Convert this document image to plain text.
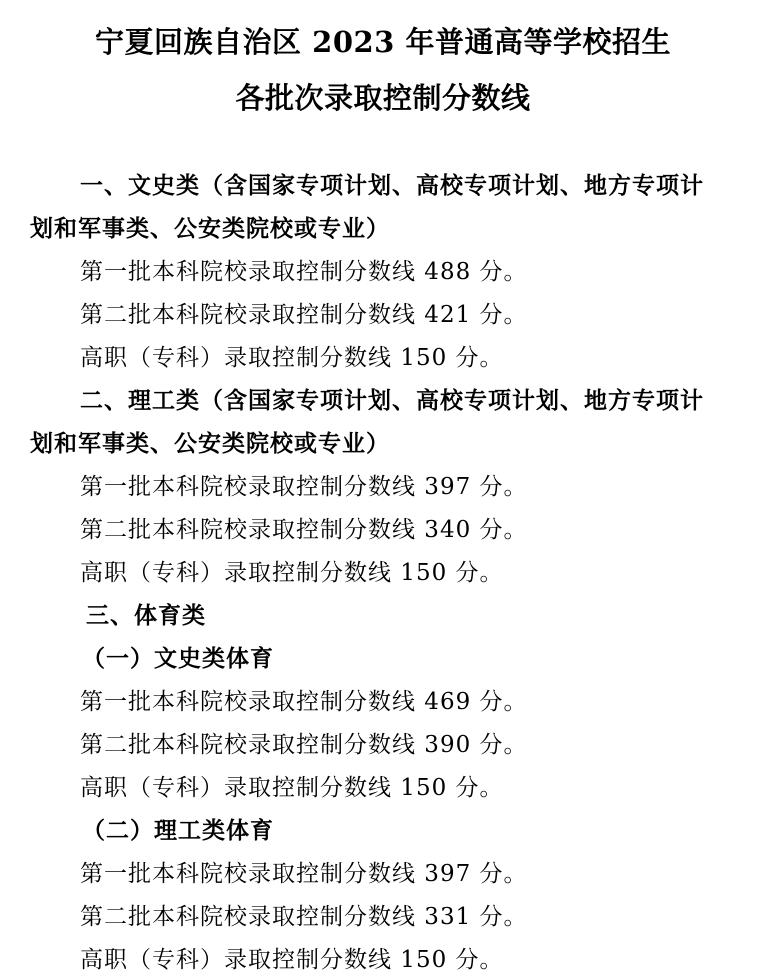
宁夏回族自治区 2023 年普通高等学校招生
各批次录取控制分数线
一、文史类（含国家专项计划、高校专项计划、地方专项计
划和军事类、公安类院校或专业）
第一批本科院校录取控制分数线 488 分。
第二批本科院校录取控制分数线 421 分。
高职（专科）录取控制分数线 150 分。
二、理工类（含国家专项计划、高校专项计划、地方专项计
划和军事类、公安类院校或专业）
第一批本科院校录取控制分数线 397 分。
第二批本科院校录取控制分数线 340 分。
高职（专科）录取控制分数线 150 分。
三、体育类
（一）文史类体育
第一批本科院校录取控制分数线 469 分。
第二批本科院校录取控制分数线 390 分。
高职（专科）录取控制分数线 150 分。
（二）理工类体育
第一批本科院校录取控制分数线 397 分。
第二批本科院校录取控制分数线 331 分。
高职（专科）录取控制分数线 150 分。
